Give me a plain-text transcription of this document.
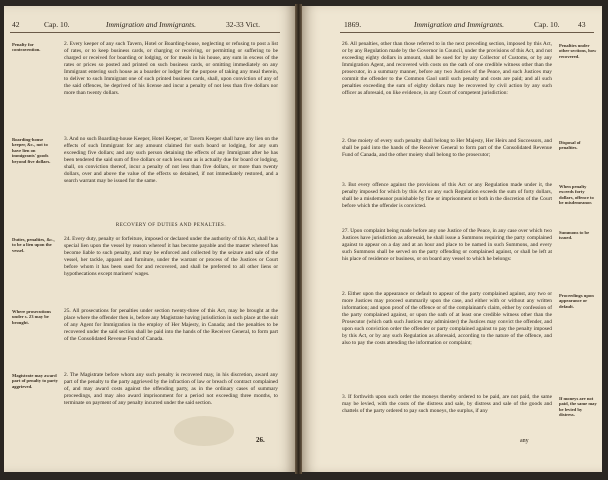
42	Cap. 10.	Immigration and Immigrants.	32-33 Vict.
Penalty for contravention.
2. Every keeper of any such Tavern, Hotel or Boarding-house, neglecting or refusing to post a list of rates, or to keep business cards, or charging or receiving, or permitting or suffering to be charged or received for boarding or lodging, or for meals in his house, any sum in excess of the rates or prices so posted and printed on such business cards, or omitting immediately on any Immigrant entering such house as a boarder or lodger for the purpose of taking any meal therein, to deliver to such Immigrant one of such printed business cards, shall, upon conviction of any of the said offences, be deprived of his license and incur a penalty of not less than five dollars nor more than twenty dollars.
Boarding-house keeper, &c., not to have lien on immigrants' goods beyond five dollars.
3. And no such Boarding-house Keeper, Hotel Keeper, or Tavern Keeper shall have any lien on the effects of such Immigrant for any amount claimed for such board or lodging, for any sum exceeding five dollars; and any such person detaining the effects of any Immigrant after he has been tendered the said sum of five dollars or such less sum as is actually due for board or lodging, shall, on conviction thereof, incur a penalty of not less than five dollars, or more than twenty dollars, over and above the value of the effects so detained, if not immediately restored, and a search warrant may be issued for the same.
RECOVERY OF DUTIES AND PENALTIES.
Duties, penalties, &c., to be a lien upon the vessel.
24. Every duty, penalty or forfeiture, imposed or declared under the authority of this Act, shall be a special lien upon the vessel by reason whereof it has become payable and the master whereof has become liable to such penalty, and may be enforced and collected by the seizure and sale of the vessel, her tackle, apparel and furniture, under the warrant or process of the Justices or Court before whom it has been sued for and recovered, and shall be preferred to all other liens or hypothecations except mariners' wages.
Where prosecutions under s. 23 may be brought.
25. All prosecutions for penalties under section twenty-three of this Act, may be brought at the place where the offender then is, before any Magistrate having jurisdiction in such place at the suit of any Agent for Immigration in the employ of Her Majesty, in Canada; and the penalties to be recovered under the said section shall be paid into the hands of the Receiver General, to form part of the Consolidated Revenue Fund of Canada.
Magistrate may award part of penalty to party aggrieved.
2. The Magistrate before whom any such penalty is recovered may, in his discretion, award any part of the penalty to the party aggrieved by the infraction of law or breach of contract complained of, and may award costs against the offending party, as in the ordinary cases of summary proceedings, and may also award imprisonment for a period not exceeding three months, to terminate on payment of any penalty incurred under the said section.
26.
1869.	Immigration and Immigrants.	Cap. 10. 43
26. All penalties, other than those referred to in the next preceding section, imposed by this Act, or by any Regulation made by the Governor in Council, under the provisions of this Act, and not exceeding eighty dollars in amount, shall be sued for by any Collector of Customs, or by any Immigration Agent, and recovered with costs on the oath of one credible witness other than the prosecutor, in a summary manner, before any two Justices of the Peace, and such Justices may commit the offender to the Common Gaol until such penalty and costs are paid; and all such penalties exceeding the sum of eighty dollars may be recovered by civil action by any such officer as aforesaid, on like evidence, in any Court of competent jurisdiction:
Penalties under other sections, how recovered.
2. One moiety of every such penalty shall belong to Her Majesty, Her Heirs and Successors, and shall be paid into the hands of the Receiver General to form part of the Consolidated Revenue Fund of Canada, and the other moiety shall belong to the prosecutor;
Disposal of penalties.
3. But every offence against the provisions of this Act or any Regulation made under it, the penalty imposed for which by this Act or any such Regulation exceeds the sum of forty dollars, shall be a misdemeanor punishable by fine or imprisonment or both in the discretion of the Court before which the offender is convicted.
When penalty exceeds forty dollars, offence to be misdemeanor.
27. Upon complaint being made before any one Justice of the Peace, in any case over which two Justices have jurisdiction as aforesaid, he shall issue a Summons requiring the party complained against to appear on a day and at an hour and place to be named in such Summons, and every such Summons shall be served on the party offending or complained against, or shall be left at his place of residence or business, or on board any vessel to which he belongs:
Summons to be issued.
2. Either upon the appearance or default to appear of the party complained against, any two or more Justices may proceed summarily upon the case, and either with or without any written information; and upon proof of the offence or of the complainant's claim, either by confession of the party complained against, or upon the oath of at least one credible witness other than the Prosecutor (which oath such Justices may administer) the Justices may convict the offender, and upon such conviction order the offender or party complained against to pay the penalty imposed by this Act, or by any such Regulation as aforesaid, according to the nature of the offence, and also to pay the costs attending the information or complaint;
Proceedings upon appearance or default.
3. If forthwith upon such order the moneys thereby ordered to be paid, are not paid, the same may be levied, with the costs of the distress and sale, by distress and sale of the goods and chattels of the party ordered to pay such moneys, the surplus, if any
If moneys are not paid, the same may be levied by distress.
any
